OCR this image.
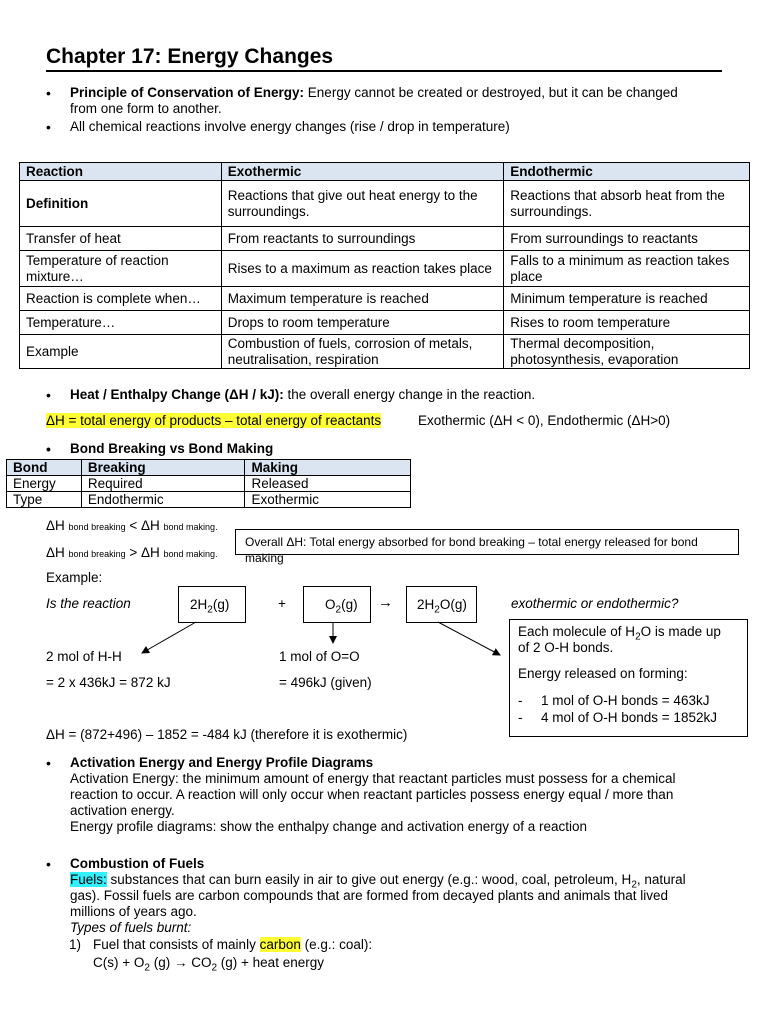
Chapter 17: Energy Changes
• Principle of Conservation of Energy: Energy cannot be created or destroyed, but it can be changed
from one form to another.
• All chemical reactions involve energy changes (rise / drop in temperature)
Reaction	Exothermic	Endothermic
Definition	Reactions that give out heat energy to the surroundings.	Reactions that absorb heat from the surroundings.
Transfer of heat	From reactants to surroundings	From surroundings to reactants
Temperature of reaction mixture…	Rises to a maximum as reaction takes place	Falls to a minimum as reaction takes place
Reaction is complete when…	Maximum temperature is reached	Minimum temperature is reached
Temperature…	Drops to room temperature	Rises to room temperature
Example	Combustion of fuels, corrosion of metals, neutralisation, respiration	Thermal decomposition, photosynthesis, evaporation
• Heat / Enthalpy Change (ΔH / kJ): the overall energy change in the reaction.
ΔH = total energy of products – total energy of reactants	Exothermic (ΔH < 0), Endothermic (ΔH>0)
• Bond Breaking vs Bond Making
Bond	Breaking	Making
Energy	Required	Released
Type	Endothermic	Exothermic
ΔH bond breaking < ΔH bond making.
ΔH bond breaking > ΔH bond making.
Overall ΔH: Total energy absorbed for bond breaking – total energy released for bond making
Example:
Is the reaction	$2H_2(g)$	+	$O_2(g) \to 2H_2O(g)$	exothermic or endothermic?
2 mol of H-H
= 2 x 436kJ = 872 kJ
1 mol of O=O
= 496kJ (given)
Each molecule of $H_2O$ is made up
of 2 O-H bonds.
Energy released on forming:
- 1 mol of O-H bonds = 463kJ
- 4 mol of O-H bonds = 1852kJ
ΔH = (872+496) – 1852 = -484 kJ (therefore it is exothermic)
• Activation Energy and Energy Profile Diagrams
Activation Energy: the minimum amount of energy that reactant particles must possess for a chemical
reaction to occur. A reaction will only occur when reactant particles possess energy equal / more than
activation energy.
Energy profile diagrams: show the enthalpy change and activation energy of a reaction
• Combustion of Fuels
Fuels: substances that can burn easily in air to give out energy (e.g.: wood, coal, petroleum, $H_2$, natural
gas). Fossil fuels are carbon compounds that are formed from decayed plants and animals that lived
millions of years ago.
Types of fuels burnt:
1) Fuel that consists of mainly carbon (e.g.: coal):
$C(s) + O_2$ $(g) \to CO_2$ (g) + heat energy
